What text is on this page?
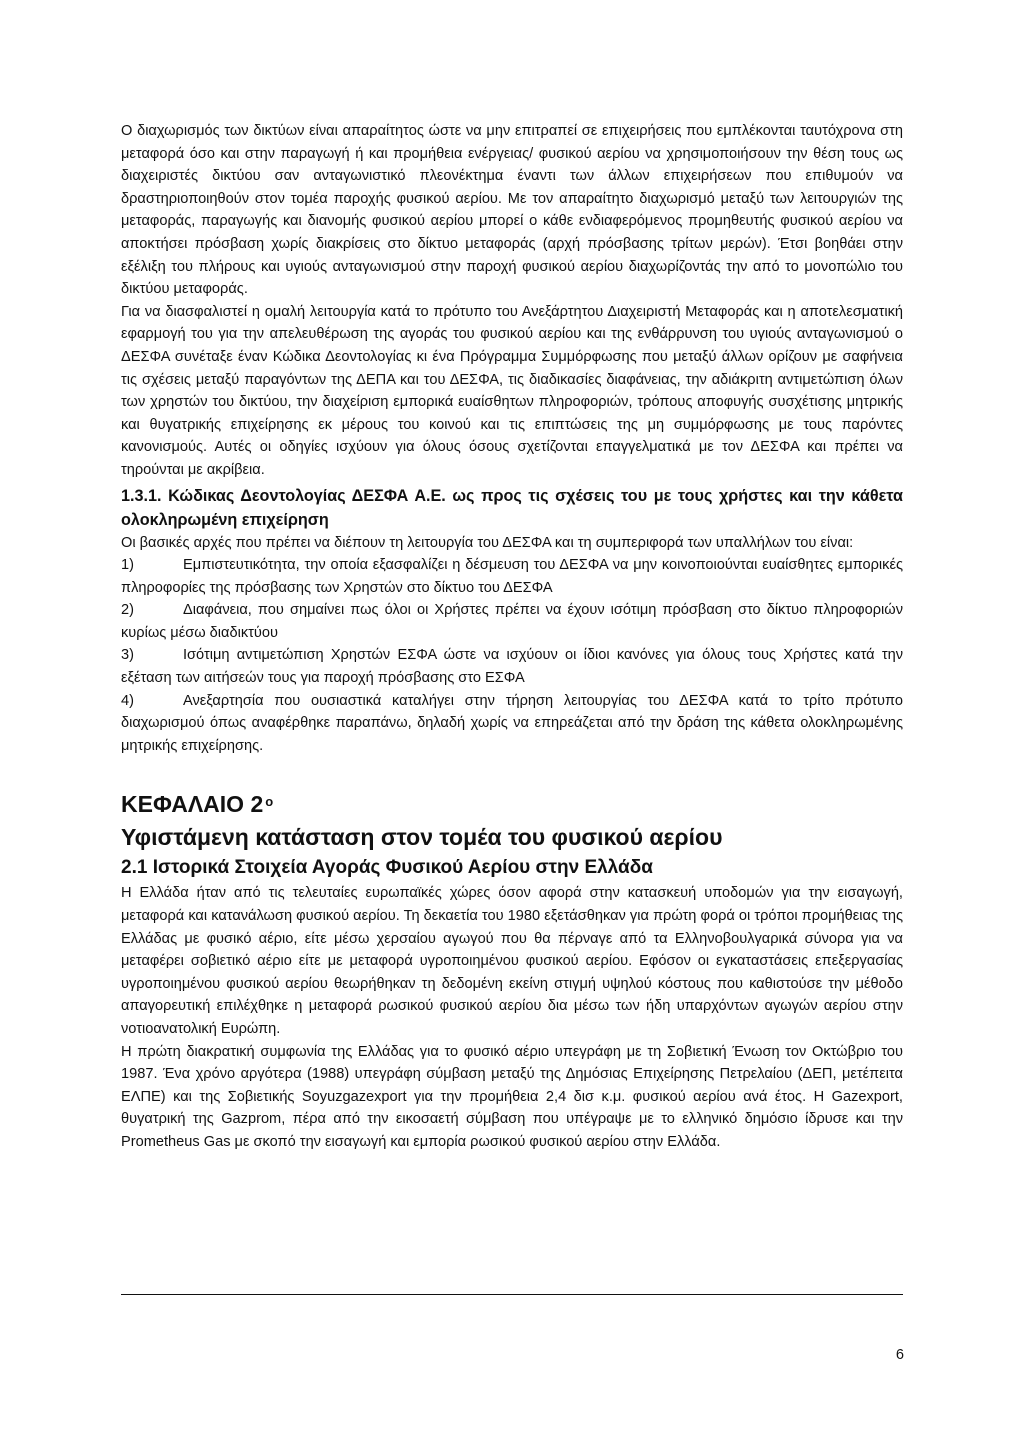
Ο διαχωρισμός των δικτύων είναι απαραίτητος ώστε να μην επιτραπεί σε επιχειρήσεις που εμπλέκονται ταυτόχρονα στη μεταφορά όσο και στην παραγωγή ή και προμήθεια ενέργειας/ φυσικού αερίου να χρησιμοποιήσουν την θέση τους ως διαχειριστές δικτύου σαν ανταγωνιστικό πλεονέκτημα έναντι των άλλων επιχειρήσεων που επιθυμούν να δραστηριοποιηθούν στον τομέα παροχής φυσικού αερίου. Με τον απαραίτητο διαχωρισμό μεταξύ των λειτουργιών της μεταφοράς, παραγωγής και διανομής φυσικού αερίου μπορεί ο κάθε ενδιαφερόμενος προμηθευτής φυσικού αερίου να αποκτήσει πρόσβαση χωρίς διακρίσεις στο δίκτυο μεταφοράς (αρχή πρόσβασης τρίτων μερών). Έτσι βοηθάει στην εξέλιξη του πλήρους και υγιούς ανταγωνισμού στην παροχή φυσικού αερίου διαχωρίζοντάς την από το μονοπώλιο του δικτύου μεταφοράς.

Για να διασφαλιστεί η ομαλή λειτουργία κατά το πρότυπο του Ανεξάρτητου Διαχειριστή Μεταφοράς και η αποτελεσματική εφαρμογή του για την απελευθέρωση της αγοράς του φυσικού αερίου και της ενθάρρυνση του υγιούς ανταγωνισμού ο ΔΕΣΦΑ συνέταξε έναν Κώδικα Δεοντολογίας κι ένα Πρόγραμμα Συμμόρφωσης που μεταξύ άλλων ορίζουν με σαφήνεια τις σχέσεις μεταξύ παραγόντων της ΔΕΠΑ και του ΔΕΣΦΑ, τις διαδικασίες διαφάνειας, την αδιάκριτη αντιμετώπιση όλων των χρηστών του δικτύου, την διαχείριση εμπορικά ευαίσθητων πληροφοριών, τρόπους αποφυγής συσχέτισης μητρικής και θυγατρικής επιχείρησης εκ μέρους του κοινού και τις επιπτώσεις της μη συμμόρφωσης με τους παρόντες κανονισμούς. Αυτές οι οδηγίες ισχύουν για όλους όσους σχετίζονται επαγγελματικά με τον ΔΕΣΦΑ και πρέπει να τηρούνται με ακρίβεια.

1.3.1. Κώδικας Δεοντολογίας ΔΕΣΦΑ Α.Ε. ως προς τις σχέσεις του με τους χρήστες και την κάθετα ολοκληρωμένη επιχείρηση

Οι βασικές αρχές που πρέπει να διέπουν τη λειτουργία του ΔΕΣΦΑ και τη συμπεριφορά των υπαλλήλων του είναι:

1)	Εμπιστευτικότητα, την οποία εξασφαλίζει η δέσμευση του ΔΕΣΦΑ να μην κοινοποιούνται ευαίσθητες εμπορικές πληροφορίες της πρόσβασης των Χρηστών στο δίκτυο του ΔΕΣΦΑ
2)	Διαφάνεια, που σημαίνει πως όλοι οι Χρήστες πρέπει να έχουν ισότιμη πρόσβαση στο δίκτυο πληροφοριών κυρίως μέσω διαδικτύου
3)	Ισότιμη αντιμετώπιση Χρηστών ΕΣΦΑ ώστε να ισχύουν οι ίδιοι κανόνες για όλους τους Χρήστες κατά την εξέταση των αιτήσεών τους για παροχή πρόσβασης στο ΕΣΦΑ
4)	Ανεξαρτησία που ουσιαστικά καταλήγει στην τήρηση λειτουργίας του ΔΕΣΦΑ κατά το τρίτο πρότυπο διαχωρισμού όπως αναφέρθηκε παραπάνω, δηλαδή χωρίς να επηρεάζεται από την δράση της κάθετα ολοκληρωμένης μητρικής επιχείρησης.
ΚΕΦΑΛΑΙΟ 2 $^o$
Υφιστάμενη κατάσταση στον τομέα του φυσικού αερίου
2.1 Ιστορικά Στοιχεία Αγοράς Φυσικού Αερίου στην Ελλάδα

Η Ελλάδα ήταν από τις τελευταίες ευρωπαϊκές χώρες όσον αφορά στην κατασκευή υποδομών για την εισαγωγή, μεταφορά και κατανάλωση φυσικού αερίου. Τη δεκαετία του 1980 εξετάσθηκαν για πρώτη φορά οι τρόποι προμήθειας της Ελλάδας με φυσικό αέριο, είτε μέσω χερσαίου αγωγού που θα πέρναγε από τα Ελληνοβουλγαρικά σύνορα για να μεταφέρει σοβιετικό αέριο είτε με μεταφορά υγροποιημένου φυσικού αερίου. Εφόσον οι εγκαταστάσεις επεξεργασίας υγροποιημένου φυσικού αερίου θεωρήθηκαν τη δεδομένη εκείνη στιγμή υψηλού κόστους που καθιστούσε την μέθοδο απαγορευτική επιλέχθηκε η μεταφορά ρωσικού φυσικού αερίου δια μέσω των ήδη υπαρχόντων αγωγών αερίου στην νοτιοανατολική Ευρώπη.

Η πρώτη διακρατική συμφωνία της Ελλάδας για το φυσικό αέριο υπεγράφη με τη Σοβιετική Ένωση τον Οκτώβριο του 1987. Ένα χρόνο αργότερα (1988) υπεγράφη σύμβαση μεταξύ της Δημόσιας Επιχείρησης Πετρελαίου (ΔΕΠ, μετέπειτα ΕΛΠΕ) και της Σοβιετικής Soyuzgazexport για την προμήθεια 2,4 δισ κ.μ. φυσικού αερίου ανά έτος. Η Gazexport, θυγατρική της Gazprom, πέρα από την εικοσαετή σύμβαση που υπέγραψε με το ελληνικό δημόσιο ίδρυσε και την Prometheus Gas με σκοπό την εισαγωγή και εμπορία ρωσικού φυσικού αερίου στην Ελλάδα.

6
